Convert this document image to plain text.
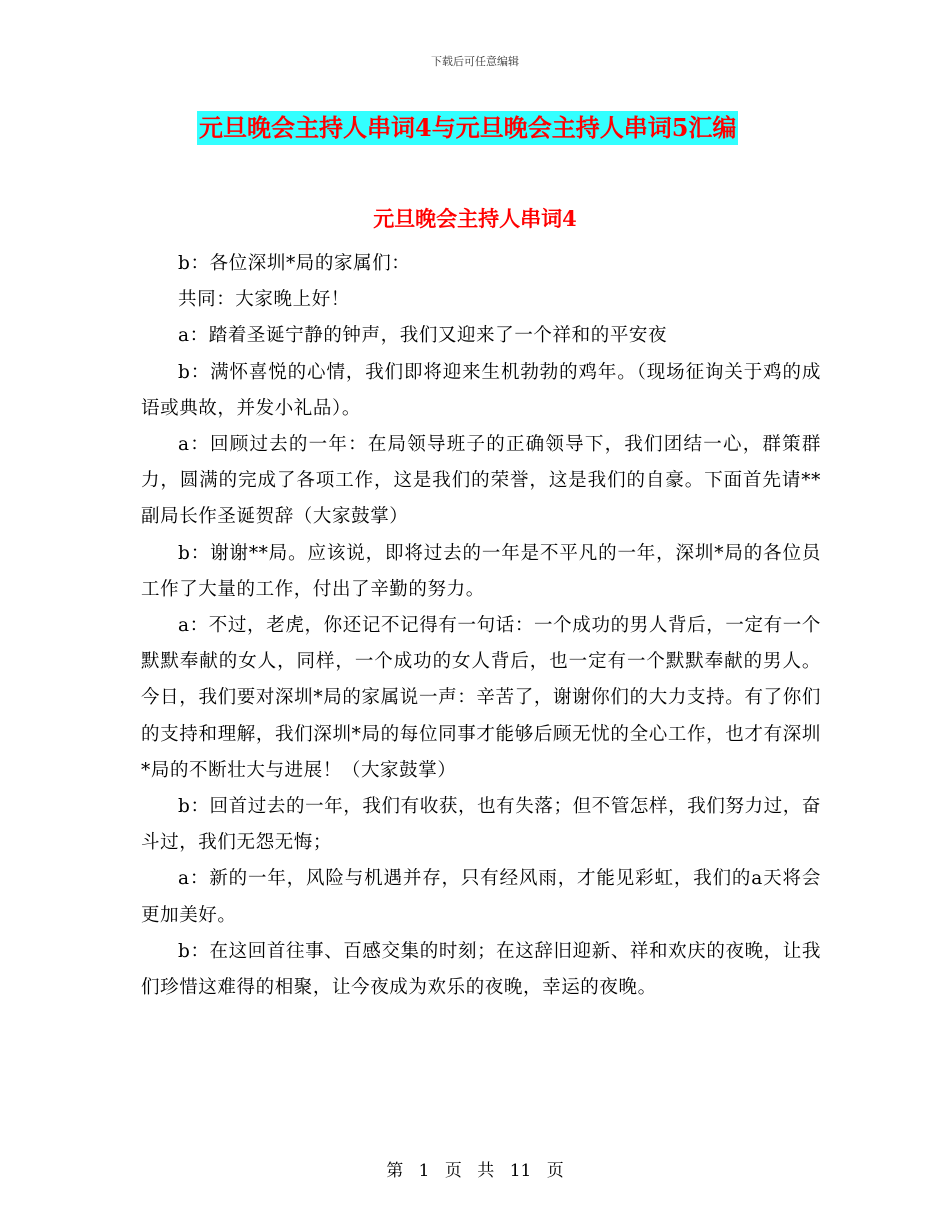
下载后可任意编辑
元旦晚会主持人串词4与元旦晚会主持人串词5汇编
元旦晚会主持人串词4

b：各位深圳*局的家属们：

共同：大家晚上好！

a：踏着圣诞宁静的钟声，我们又迎来了一个祥和的平安夜

b：满怀喜悦的心情，我们即将迎来生机勃勃的鸡年。（现场征询关于鸡的成语或典故，并发小礼品）。

a：回顾过去的一年：在局领导班子的正确领导下，我们团结一心，群策群力，圆满的完成了各项工作，这是我们的荣誉，这是我们的自豪。下面首先请**副局长作圣诞贺辞（大家鼓掌）

b：谢谢**局。应该说，即将过去的一年是不平凡的一年，深圳*局的各位员工作了大量的工作，付出了辛勤的努力。

a：不过，老虎，你还记不记得有一句话：一个成功的男人背后，一定有一个默默奉献的女人，同样，一个成功的女人背后，也一定有一个默默奉献的男人。今日，我们要对深圳*局的家属说一声：辛苦了，谢谢你们的大力支持。有了你们的支持和理解，我们深圳*局的每位同事才能够后顾无忧的全心工作，也才有深圳*局的不断壮大与进展！（大家鼓掌）

b：回首过去的一年，我们有收获，也有失落；但不管怎样，我们努力过，奋斗过，我们无怨无悔；

a：新的一年，风险与机遇并存，只有经风雨，才能见彩虹，我们的a天将会更加美好。

b：在这回首往事、百感交集的时刻；在这辞旧迎新、祥和欢庆的夜晚，让我们珍惜这难得的相聚，让今夜成为欢乐的夜晚，幸运的夜晚。

第 1 页 共 11 页
